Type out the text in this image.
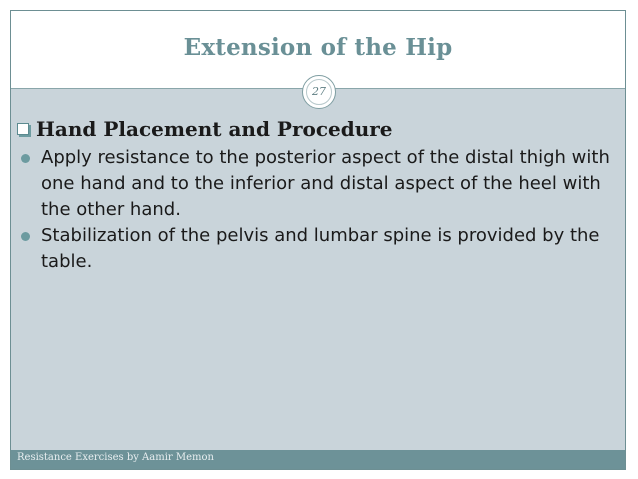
Extension of the Hip
27
Hand Placement and Procedure
Apply resistance to the posterior aspect of the distal thigh with one hand and to the inferior and distal aspect of the heel with the other hand.
Stabilization of the pelvis and lumbar spine is provided by the table.
Resistance Exercises by Aamir Memon
